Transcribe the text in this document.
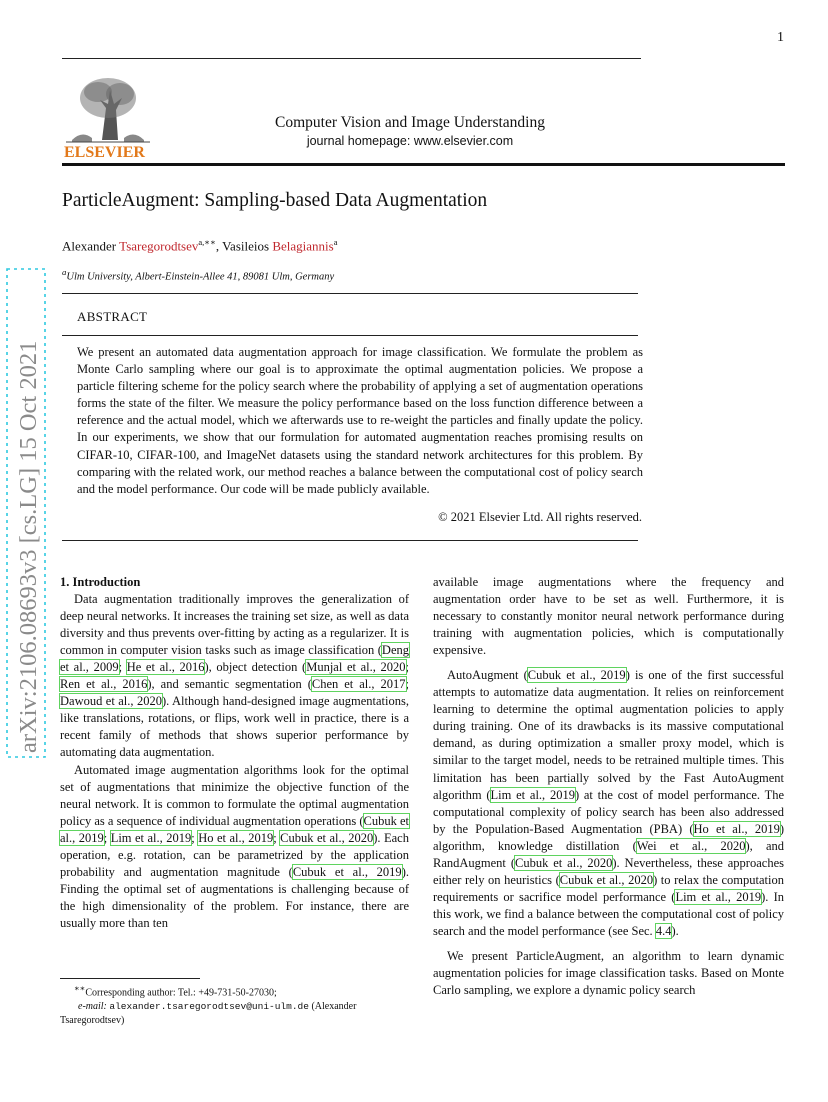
1
ELSEVIER
Computer Vision and Image Understanding
journal homepage: www.elsevier.com
ParticleAugment: Sampling-based Data Augmentation
Alexander Tsaregorodtsev$^{a,∗∗}$, Vasileios Belagiannis$^a$
$^a$Ulm University, Albert-Einstein-Allee 41, 89081 Ulm, Germany
ABSTRACT
We present an automated data augmentation approach for image classification. We formulate the problem as Monte Carlo sampling where our goal is to approximate the optimal augmentation policies. We propose a particle filtering scheme for the policy search where the probability of applying a set of augmentation operations forms the state of the filter. We measure the policy performance based on the loss function difference between a reference and the actual model, which we afterwards use to re-weight the particles and finally update the policy. In our experiments, we show that our formulation for automated augmentation reaches promising results on CIFAR-10, CIFAR-100, and ImageNet datasets using the standard network architectures for this problem. By comparing with the related work, our method reaches a balance between the computational cost of policy search and the model performance. Our code will be made publicly available.
© 2021 Elsevier Ltd. All rights reserved.
arXiv:2106.08693v3 [cs.LG] 15 Oct 2021 1. Introduction

Data augmentation traditionally improves the generalization of deep neural networks. It increases the training set size, as well as data diversity and thus prevents over-fitting by acting as a regularizer. It is common in computer vision tasks such as image classification (Deng et al., 2009; He et al., 2016), object detection (Munjal et al., 2020; Ren et al., 2016), and semantic segmentation (Chen et al., 2017; Dawoud et al., 2020). Although hand-designed image augmentations, like translations, rotations, or flips, work well in practice, there is a recent family of methods that shows superior performance by automating data augmentation.

Automated image augmentation algorithms look for the optimal set of augmentations that minimize the objective function of the neural network. It is common to formulate the optimal augmentation policy as a sequence of individual augmentation operations (Cubuk et al., 2019; Lim et al., 2019; Ho et al., 2019; Cubuk et al., 2020). Each operation, e.g. rotation, can be parametrized by the application probability and augmentation magnitude (Cubuk et al., 2019). Finding the optimal set of augmentations is challenging because of the high dimensionality of the problem. For instance, there are usually more than ten

available image augmentations where the frequency and augmentation order have to be set as well. Furthermore, it is necessary to constantly monitor neural network performance during training with augmentation policies, which is computationally expensive.

AutoAugment (Cubuk et al., 2019) is one of the first successful attempts to automatize data augmentation. It relies on reinforcement learning to determine the optimal augmentation policies to apply during training. One of its drawbacks is its massive computational demand, as during optimization a smaller proxy model, which is similar to the target model, needs to be retrained multiple times. This limitation has been partially solved by the Fast AutoAugment algorithm (Lim et al., 2019) at the cost of model performance. The computational complexity of policy search has been also addressed by the Population-Based Augmentation (PBA) (Ho et al., 2019) algorithm, knowledge distillation (Wei et al., 2020), and RandAugment (Cubuk et al., 2020). Nevertheless, these approaches either rely on heuristics (Cubuk et al., 2020) to relax the computation requirements or sacrifice model performance (Lim et al., 2019). In this work, we find a balance between the computational cost of policy search and the model performance (see Sec. 4.4).

We present ParticleAugment, an algorithm to learn dynamic augmentation policies for image classification tasks. Based on Monte Carlo sampling, we explore a dynamic policy search

∗∗Corresponding author: Tel.: +49-731-50-27030;
e-mail: alexander.tsaregorodtsev@uni-ulm.de (Alexander Tsaregorodtsev)
